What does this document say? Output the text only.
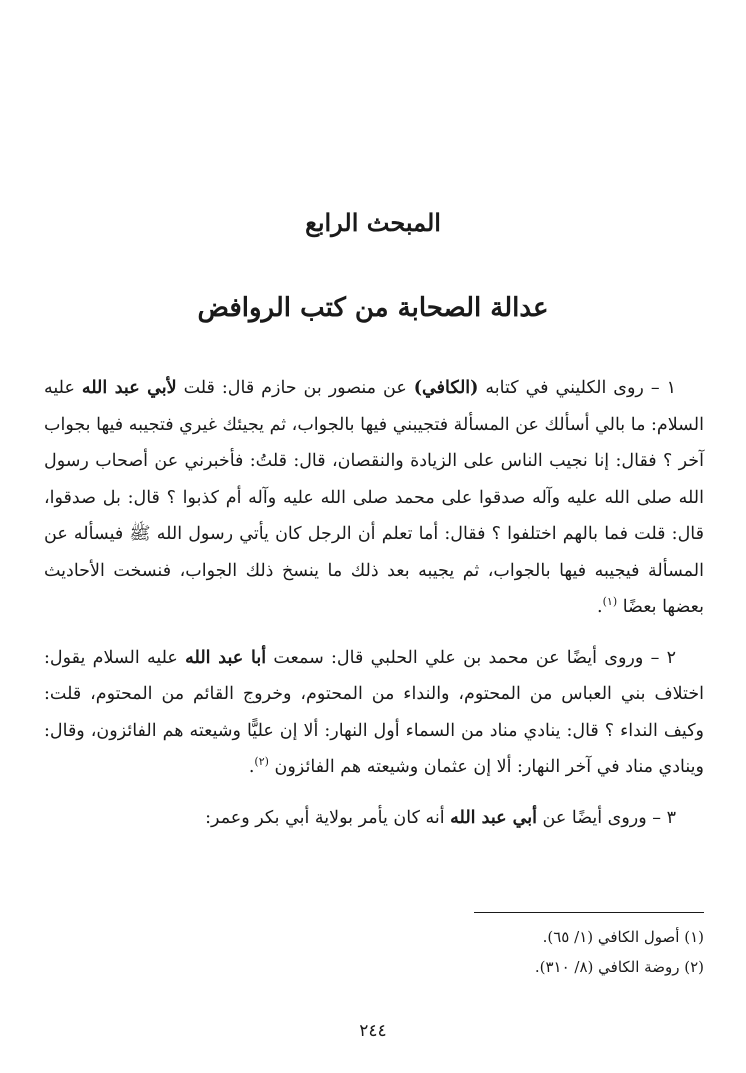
المبحث الرابع
عدالة الصحابة من كتب الروافض

١ – روى الكليني في كتابه (الكافي) عن منصور بن حازم قال: قلت لأبي عبد الله عليه السلام: ما بالي أسألك عن المسألة فتجيبني فيها بالجواب، ثم يجيئك غيري فتجيبه فيها بجواب آخر ؟ فقال: إنا نجيب الناس على الزيادة والنقصان، قال: قلتُ: فأخبرني عن أصحاب رسول الله صلى الله عليه وآله صدقوا على محمد صلى الله عليه وآله أم كذبوا ؟ قال: بل صدقوا، قال: قلت فما بالهم اختلفوا ؟ فقال: أما تعلم أن الرجل كان يأتي رسول الله ﷺ فيسأله عن المسألة فيجيبه فيها بالجواب، ثم يجيبه بعد ذلك ما ينسخ ذلك الجواب، فنسخت الأحاديث بعضها بعضًا $^{(١)}$.

٢ – وروى أيضًا عن محمد بن علي الحلبي قال: سمعت أبا عبد الله عليه السلام يقول: اختلاف بني العباس من المحتوم، والنداء من المحتوم، وخروج القائم من المحتوم، قلت: وكيف النداء ؟ قال: ينادي مناد من السماء أول النهار: ألا إن عليًّا وشيعته هم الفائزون، وقال: وينادي مناد في آخر النهار: ألا إن عثمان وشيعته هم الفائزون $^{(٢)}$.

٣ – وروى أيضًا عن أبي عبد الله أنه كان يأمر بولاية أبي بكر وعمر:

(١) أصول الكافي (١/ ٦٥).

(٢) روضة الكافي (٨/ ٣١٠).

٢٤٤
